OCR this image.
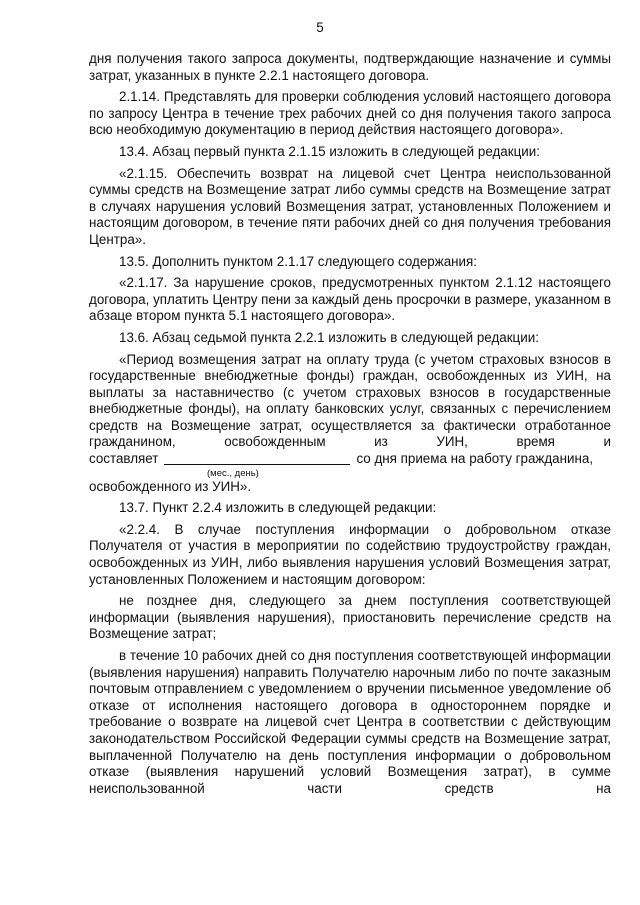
5

дня получения такого запроса документы, подтверждающие назначение и суммы затрат, указанных в пункте 2.2.1 настоящего договора.

2.1.14. Представлять для проверки соблюдения условий настоящего договора по запросу Центра в течение трех рабочих дней со дня получения такого запроса всю необходимую документацию в период действия настоящего договора».

13.4. Абзац первый пункта 2.1.15 изложить в следующей редакции:

«2.1.15. Обеспечить возврат на лицевой счет Центра неиспользованной суммы средств на Возмещение затрат либо суммы средств на Возмещение затрат в случаях нарушения условий Возмещения затрат, установленных Положением и настоящим договором, в течение пяти рабочих дней со дня получения требования Центра».

13.5. Дополнить пунктом 2.1.17 следующего содержания:

«2.1.17. За нарушение сроков, предусмотренных пунктом 2.1.12 настоящего договора, уплатить Центру пени за каждый день просрочки в размере, указанном в абзаце втором пункта 5.1 настоящего договора».

13.6. Абзац седьмой пункта 2.2.1 изложить в следующей редакции:

«Период возмещения затрат на оплату труда (с учетом страховых взносов в государственные внебюджетные фонды) граждан, освобожденных из УИН, на выплаты за наставничество (с учетом страховых взносов в государственные внебюджетные фонды), на оплату банковских услуг, связанных с перечислением средств на Возмещение затрат, осуществляется за фактически отработанное гражданином, освобожденным из УИН, время и

составляет	со дня приема на работу гражданина,

(мес., день)

освобожденного из УИН».

13.7. Пункт 2.2.4 изложить в следующей редакции:

«2.2.4. В случае поступления информации о добровольном отказе Получателя от участия в мероприятии по содействию трудоустройству граждан, освобожденных из УИН, либо выявления нарушения условий Возмещения затрат, установленных Положением и настоящим договором:

не позднее дня, следующего за днем поступления соответствующей информации (выявления нарушения), приостановить перечисление средств на Возмещение затрат;

в течение 10 рабочих дней со дня поступления соответствующей информации (выявления нарушения) направить Получателю нарочным либо по почте заказным почтовым отправлением с уведомлением о вручении письменное уведомление об отказе от исполнения настоящего договора в одностороннем порядке и требование о возврате на лицевой счет Центра в соответствии с действующим законодательством Российской Федерации суммы средств на Возмещение затрат, выплаченной Получателю на день поступления информации о добровольном отказе (выявления нарушений условий Возмещения затрат), в сумме неиспользованной части средств на
